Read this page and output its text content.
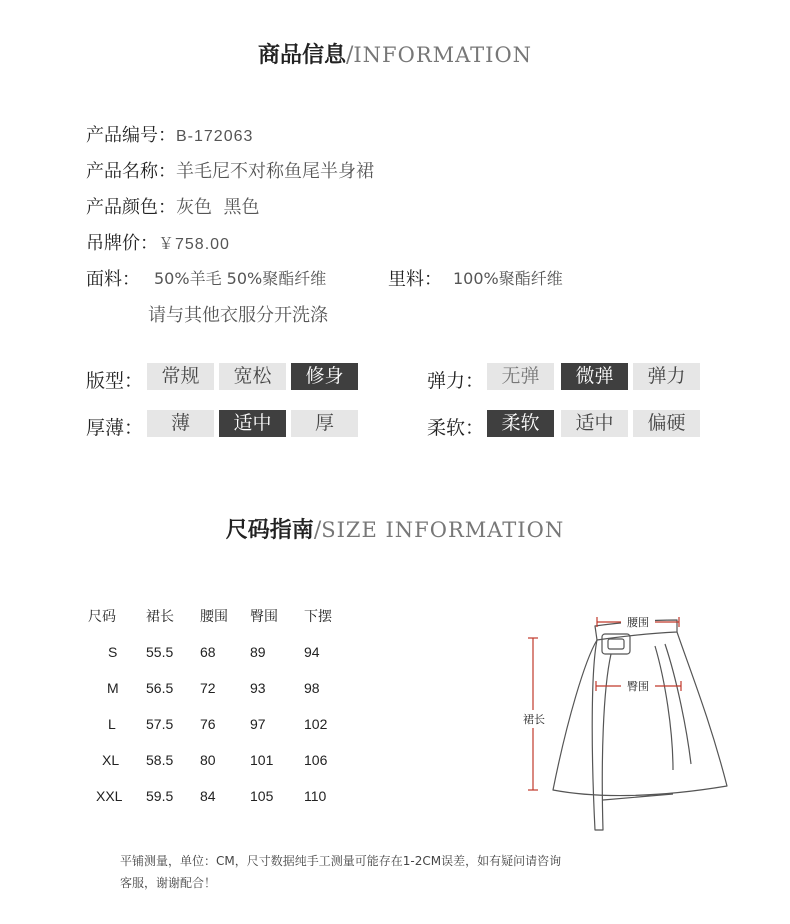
商品信息/INFORMATION
产品编号：B-172063
产品名称：羊毛尼不对称鱼尾半身裙
产品颜色：灰色  黑色
吊牌价：￥758.00
面料： 50%羊毛 50%聚酯纤维	里料： 100%聚酯纤维
请与其他衣服分开洗涤
版型： 常规	宽松	修身	弹力： 无弹	微弹	弹力
厚薄：	薄	适中	厚	柔软： 柔软	适中	偏硬
尺码指南/SIZE INFORMATION
尺码	裙长	腰围	臀围	下摆
S	55.5	68	89	94
M	56.5	72	93	98
L	57.5	76	97	102
XL	58.5	80	101	106
XXL	59.5	84	105	110
腰围
臀围
裙长
平铺测量，单位：CM，尺寸数据纯手工测量可能存在1-2CM误差，如有疑问请咨询
客服，谢谢配合！
